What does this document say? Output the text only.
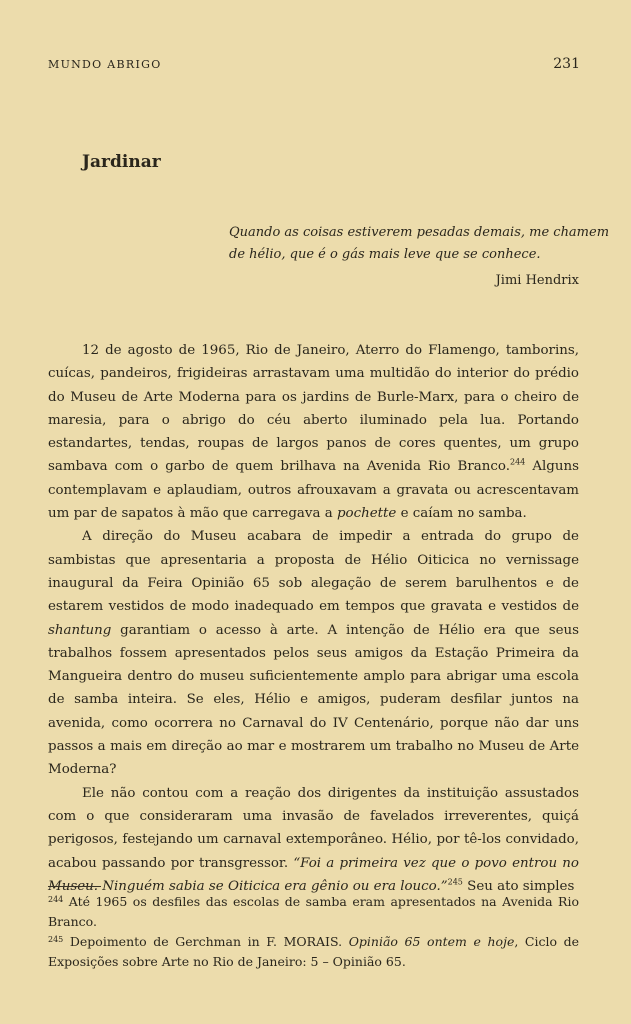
MUNDO ABRIGO	231
Jardinar
Quando as coisas estiverem pesadas demais, me chamem
de hélio, que é o gás mais leve que se conhece.
Jimi Hendrix

12 de agosto de 1965, Rio de Janeiro, Aterro do Flamengo, tamborins, cuícas, pandeiros, frigideiras arrastavam uma multidão do interior do prédio do Museu de Arte Moderna para os jardins de Burle-Marx, para o cheiro de maresia, para o abrigo do céu aberto iluminado pela lua. Portando estandartes, tendas, roupas de largos panos de cores quentes, um grupo sambava com o garbo de quem brilhava na Avenida Rio Branco.$^{244}$ Alguns contemplavam e aplaudiam, outros afrouxavam a gravata ou acrescentavam um par de sapatos à mão que carregava a pochette e caíam no samba.

A direção do Museu acabara de impedir a entrada do grupo de sambistas que apresentaria a proposta de Hélio Oiticica no vernissage inaugural da Feira Opinião 65 sob alegação de serem barulhentos e de estarem vestidos de modo inadequado em tempos que gravata e vestidos de shantung garantiam o acesso à arte. A intenção de Hélio era que seus trabalhos fossem apresentados pelos seus amigos da Estação Primeira da Mangueira dentro do museu suficientemente amplo para abrigar uma escola de samba inteira. Se eles, Hélio e amigos, puderam desfilar juntos na avenida, como ocorrera no Carnaval do IV Centenário, porque não dar uns passos a mais em direção ao mar e mostrarem um trabalho no Museu de Arte Moderna?

Ele não contou com a reação dos dirigentes da instituição assustados com o que consideraram uma invasão de favelados irreverentes, quiçá perigosos, festejando um carnaval extemporâneo. Hélio, por tê-los convidado, acabou passando por transgressor. “Foi a primeira vez que o povo entrou no Museu. Ninguém sabia se Oiticica era gênio ou era louco.”$^{245}$ Seu ato simples

$^{244}$ Até 1965 os desfiles das escolas de samba eram apresentados na Avenida Rio Branco.

$^{245}$ Depoimento de Gerchman in F. MORAIS. Opinião 65 ontem e hoje, Ciclo de Exposições sobre Arte no Rio de Janeiro: 5 – Opinião 65.
